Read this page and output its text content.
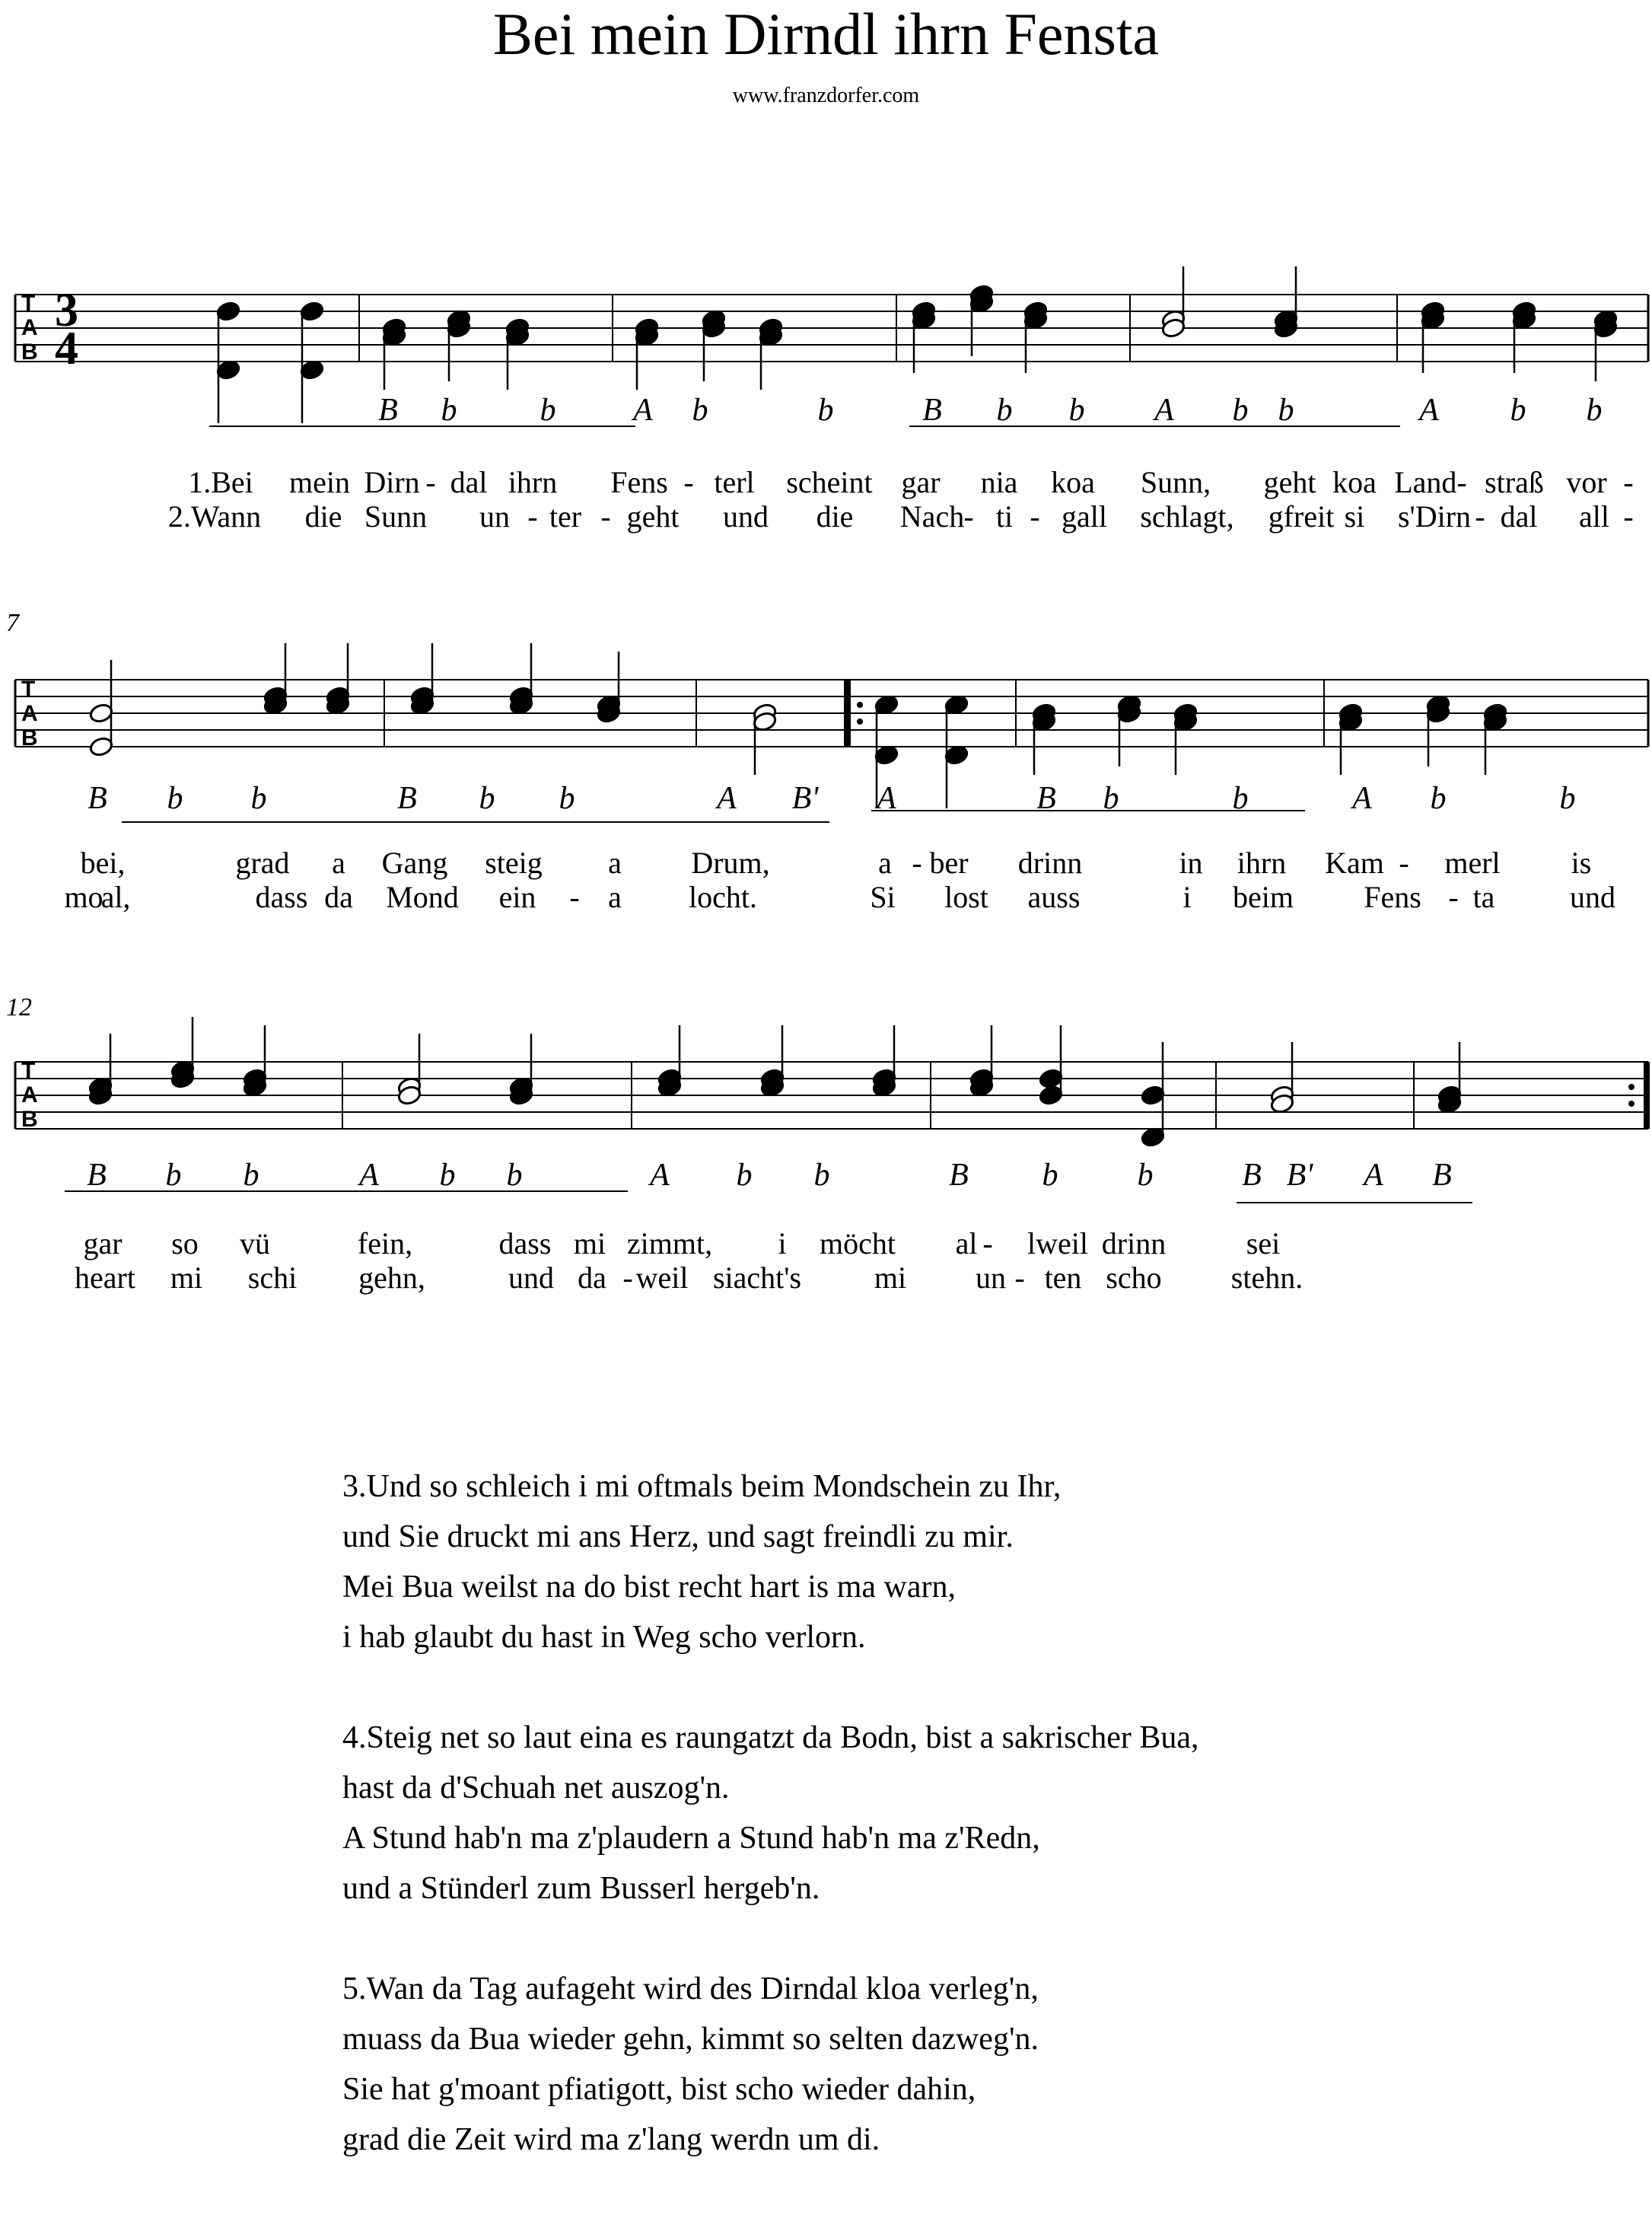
Bei mein Dirndl ihrn Fensta
www.franzdorfer.com
7
12
T
A
B
3
4
T
A
B
T
A
B
B	b	b	A	b	b	B	b	b	A	b b	A	b	b
B	b	b	B	b	b	A	B'	A	B	b	b	A	b	b
B	b	b	A	b	b	A	b	b	B	b	b	B B'	A	B
1.Bei	mein Dirn - dal ihrn	Fens - terl	scheint gar	nia	koa	Sunn,	geht koa Land- straß vor -
2.Wann	die Sunn	un - ter - geht	und	die	Nach - ti - gall	schlagt,	gfreit si	s'Dirn - dal	all -
bei,	grad	a	Gang	steig	a	Drum,	a - ber	drinn	in	ihrn	Kam -	merl	is
mo
al,	dass da	Mond	ein	- a	locht.	Si	lost	auss	i	beim	Fens - ta	und
gar	so	vü	fein,	dass mi zimmt,	i	möcht	al -	lweil drinn	sei
heart	mi	schi	gehn,	und da - weil siacht's	mi	un - ten scho	stehn.
3.Und so schleich i mi oftmals beim Mondschein zu Ihr,
und Sie druckt mi ans Herz, und sagt freindli zu mir.
Mei Bua weilst na do bist recht hart is ma warn,
i hab glaubt du hast in Weg scho verlorn.
4.Steig net so laut eina es raungatzt da Bodn, bist a sakrischer Bua,
hast da d'Schuah net auszog'n.
A Stund hab'n ma z'plaudern a Stund hab'n ma z'Redn,
und a Stünderl zum Busserl hergeb'n.
5.Wan da Tag aufageht wird des Dirndal kloa verleg'n,
muass da Bua wieder gehn, kimmt so selten dazweg'n.
Sie hat g'moant pfiatigott, bist scho wieder dahin,
grad die Zeit wird ma z'lang werdn um di.
